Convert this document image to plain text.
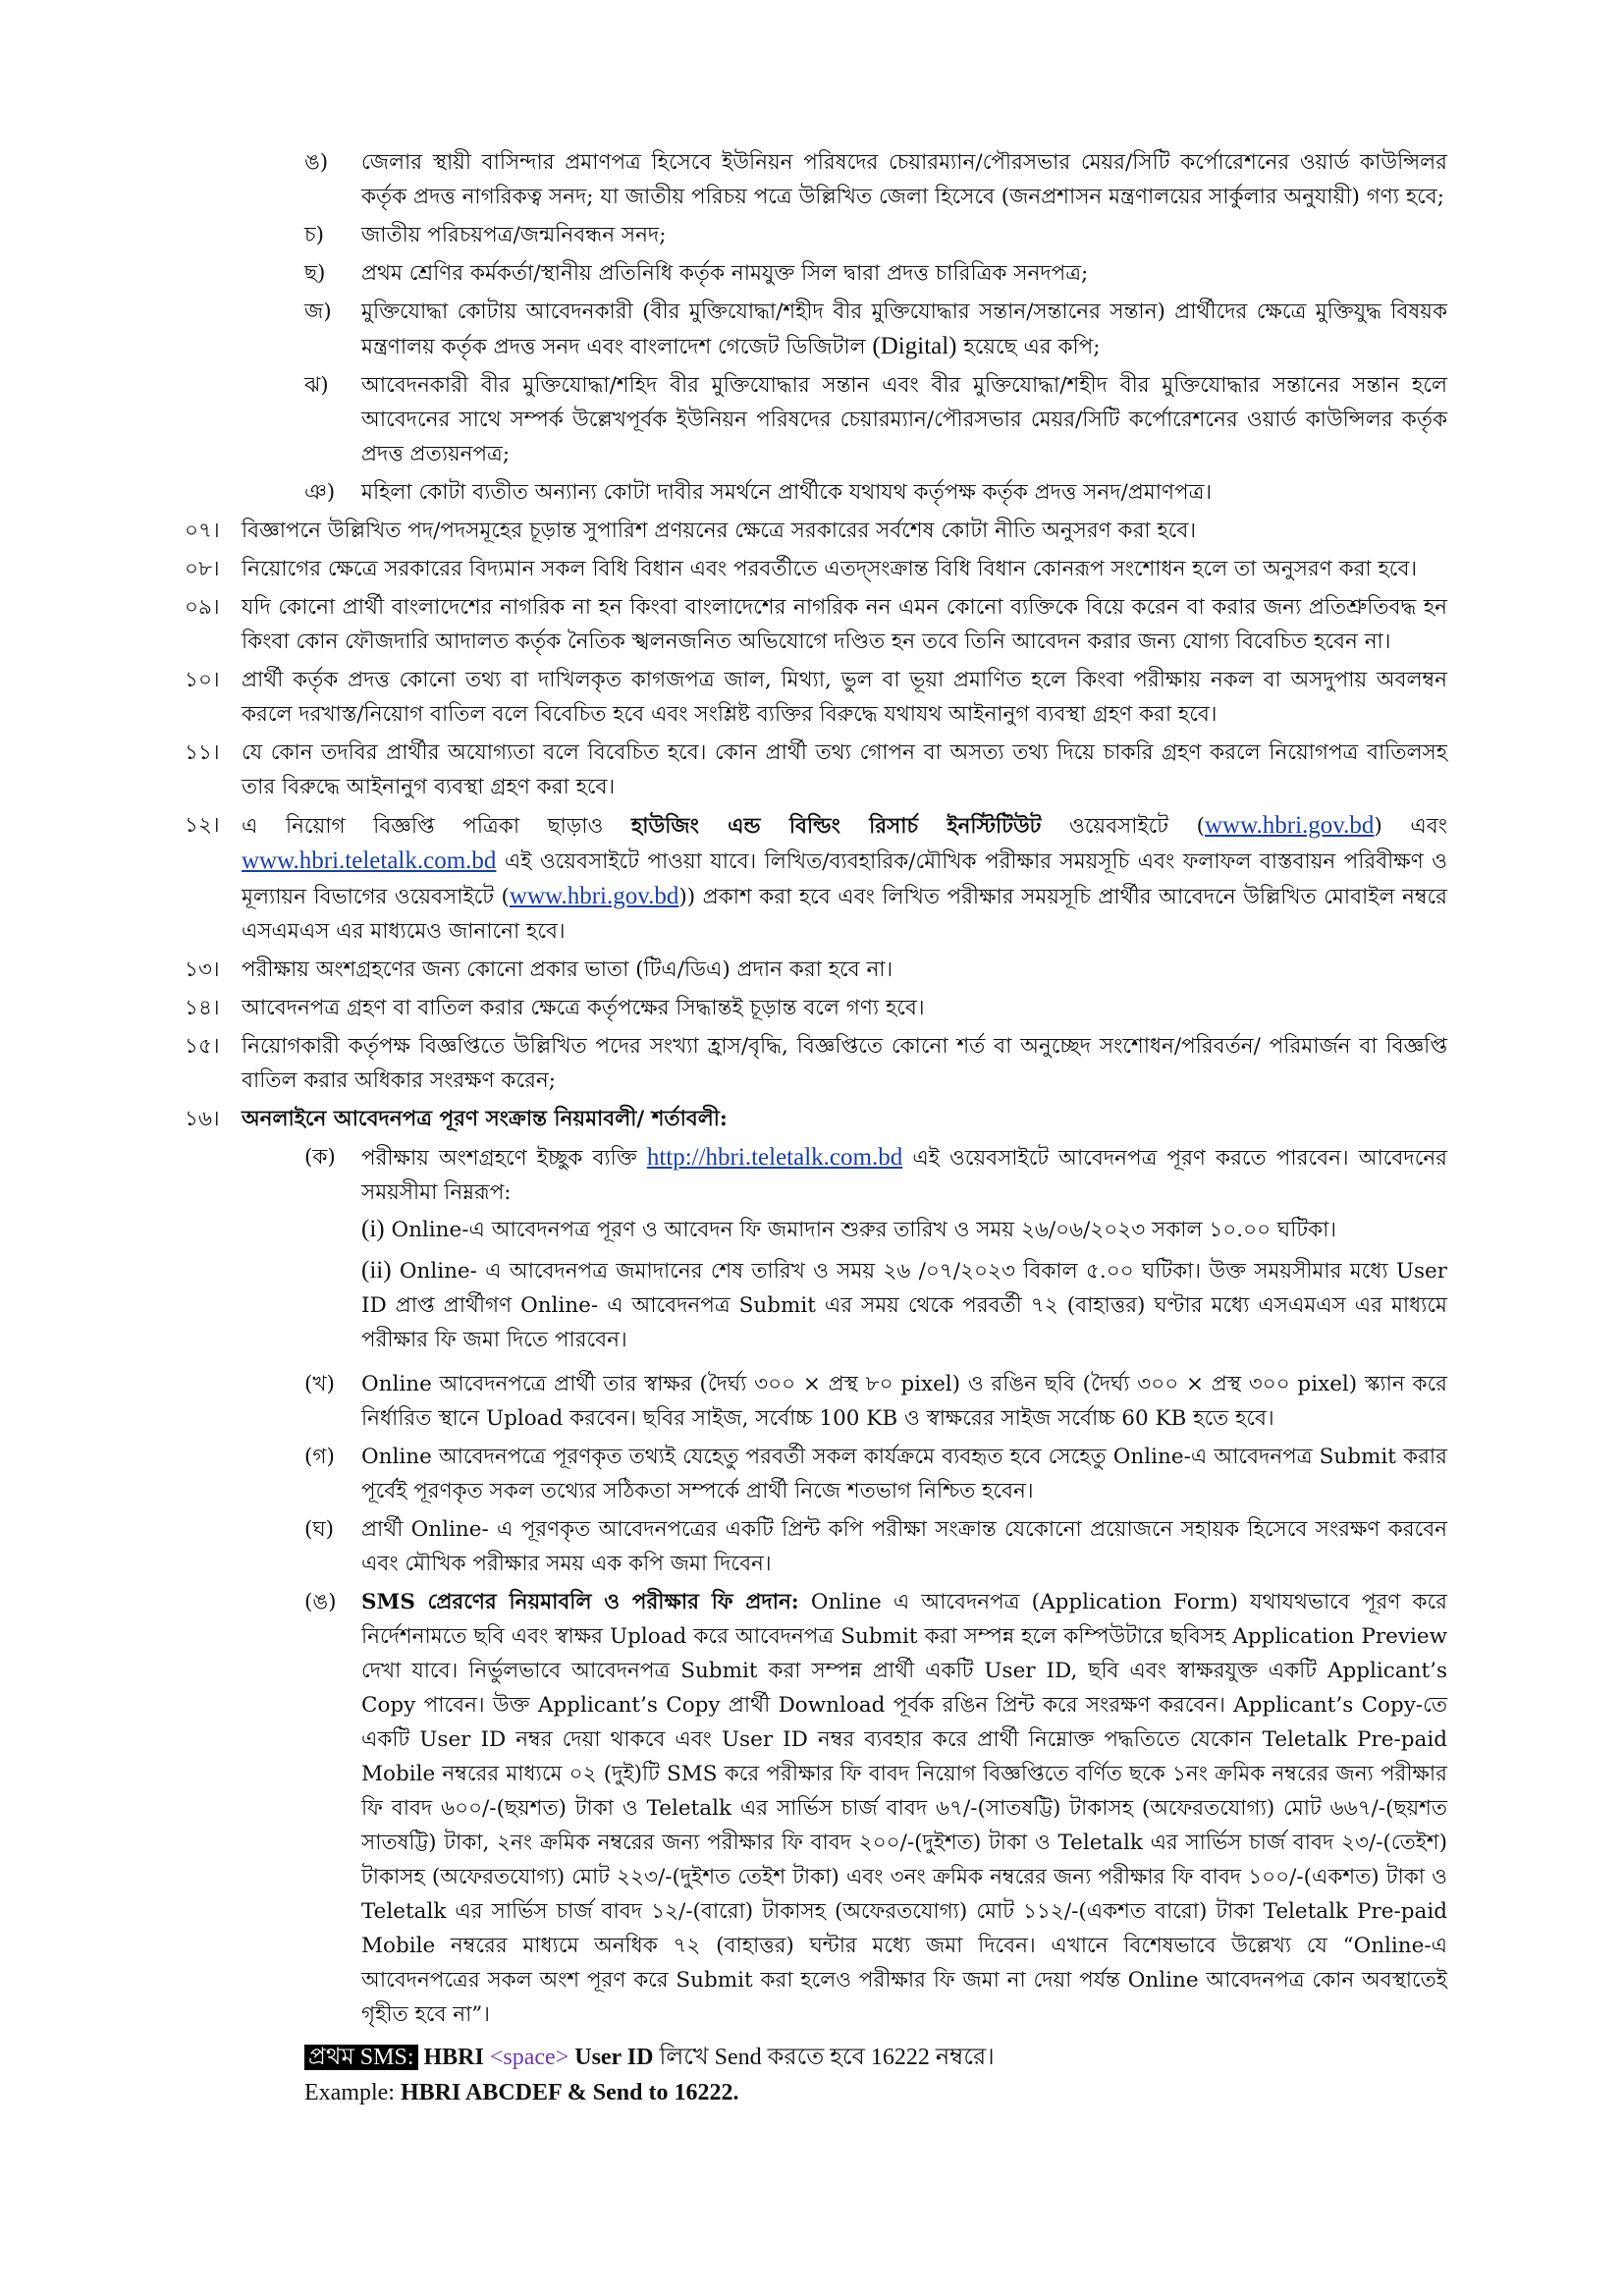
ঙ)	জেলার স্থায়ী বাসিন্দার প্রমাণপত্র হিসেবে ইউনিয়ন পরিষদের চেয়ারম্যান/পৌরসভার মেয়র/সিটি কর্পোরেশনের ওয়ার্ড কাউন্সিলর কর্তৃক প্রদত্ত নাগরিকত্ব সনদ; যা জাতীয় পরিচয় পত্রে উল্লিখিত জেলা হিসেবে (জনপ্রশাসন মন্ত্রণালয়ের সার্কুলার অনুযায়ী) গণ্য হবে;
চ)	জাতীয় পরিচয়পত্র/জন্মনিবন্ধন সনদ;
ছ)	প্রথম শ্রেণির কর্মকর্তা/স্থানীয় প্রতিনিধি কর্তৃক নামযুক্ত সিল দ্বারা প্রদত্ত চারিত্রিক সনদপত্র;
জ)	মুক্তিযোদ্ধা কোটায় আবেদনকারী (বীর মুক্তিযোদ্ধা/শহীদ বীর মুক্তিযোদ্ধার সন্তান/সন্তানের সন্তান) প্রার্থীদের ক্ষেত্রে মুক্তিযুদ্ধ বিষয়ক মন্ত্রণালয় কর্তৃক প্রদত্ত সনদ এবং বাংলাদেশ গেজেট ডিজিটাল (Digital) হয়েছে এর কপি;
ঝ)	আবেদনকারী বীর মুক্তিযোদ্ধা/শহিদ বীর মুক্তিযোদ্ধার সন্তান এবং বীর মুক্তিযোদ্ধা/শহীদ বীর মুক্তিযোদ্ধার সন্তানের সন্তান হলে আবেদনের সাথে সম্পর্ক উল্লেখপূর্বক ইউনিয়ন পরিষদের চেয়ারম্যান/পৌরসভার মেয়র/সিটি কর্পোরেশনের ওয়ার্ড কাউন্সিলর কর্তৃক প্রদত্ত প্রত্যয়নপত্র;
ঞ)	মহিলা কোটা ব্যতীত অন্যান্য কোটা দাবীর সমর্থনে প্রার্থীকে যথাযথ কর্তৃপক্ষ কর্তৃক প্রদত্ত সনদ/প্রমাণপত্র।
০৭।	বিজ্ঞাপনে উল্লিখিত পদ/পদসমূহের চূড়ান্ত সুপারিশ প্রণয়নের ক্ষেত্রে সরকারের সর্বশেষ কোটা নীতি অনুসরণ করা হবে।
০৮।	নিয়োগের ক্ষেত্রে সরকারের বিদ্যমান সকল বিধি বিধান এবং পরবর্তীতে এতদ্‌সংক্রান্ত বিধি বিধান কোনরূপ সংশোধন হলে তা অনুসরণ করা হবে।
০৯।	যদি কোনো প্রার্থী বাংলাদেশের নাগরিক না হন কিংবা বাংলাদেশের নাগরিক নন এমন কোনো ব্যক্তিকে বিয়ে করেন বা করার জন্য প্রতিশ্রুতিবদ্ধ হন কিংবা কোন ফৌজদারি আদালত কর্তৃক নৈতিক স্খলনজনিত অভিযোগে দণ্ডিত হন তবে তিনি আবেদন করার জন্য যোগ্য বিবেচিত হবেন না।
১০।	প্রার্থী কর্তৃক প্রদত্ত কোনো তথ্য বা দাখিলকৃত কাগজপত্র জাল, মিথ্যা, ভুল বা ভূয়া প্রমাণিত হলে কিংবা পরীক্ষায় নকল বা অসদুপায় অবলম্বন করলে দরখাস্ত/নিয়োগ বাতিল বলে বিবেচিত হবে এবং সংশ্লিষ্ট ব্যক্তির বিরুদ্ধে যথাযথ আইনানুগ ব্যবস্থা গ্রহণ করা হবে।
১১।	যে কোন তদবির প্রার্থীর অযোগ্যতা বলে বিবেচিত হবে। কোন প্রার্থী তথ্য গোপন বা অসত্য তথ্য দিয়ে চাকরি গ্রহণ করলে নিয়োগপত্র বাতিলসহ তার বিরুদ্ধে আইনানুগ ব্যবস্থা গ্রহণ করা হবে।
১২।	এ নিয়োগ বিজ্ঞপ্তি পত্রিকা ছাড়াও হাউজিং এন্ড বিল্ডিং রিসার্চ ইনস্টিটিউট ওয়েবসাইটে (www.hbri.gov.bd) এবং www.hbri.teletalk.com.bd এই ওয়েবসাইটে পাওয়া যাবে। লিখিত/ব্যবহারিক/মৌখিক পরীক্ষার সময়সূচি এবং ফলাফল বাস্তবায়ন পরিবীক্ষণ ও মূল্যায়ন বিভাগের ওয়েবসাইটে (www.hbri.gov.bd)) প্রকাশ করা হবে এবং লিখিত পরীক্ষার সময়সূচি প্রার্থীর আবেদনে উল্লিখিত মোবাইল নম্বরে এসএমএস এর মাধ্যমেও জানানো হবে।
১৩।	পরীক্ষায় অংশগ্রহণের জন্য কোনো প্রকার ভাতা (টিএ/ডিএ) প্রদান করা হবে না।
১৪।	আবেদনপত্র গ্রহণ বা বাতিল করার ক্ষেত্রে কর্তৃপক্ষের সিদ্ধান্তই চূড়ান্ত বলে গণ্য হবে।
১৫।	নিয়োগকারী কর্তৃপক্ষ বিজ্ঞপ্তিতে উল্লিখিত পদের সংখ্যা হ্রাস/বৃদ্ধি, বিজ্ঞপ্তিতে কোনো শর্ত বা অনুচ্ছেদ সংশোধন/পরিবর্তন/ পরিমার্জন বা বিজ্ঞপ্তি বাতিল করার অধিকার সংরক্ষণ করেন;
১৬।	অনলাইনে আবেদনপত্র পূরণ সংক্রান্ত নিয়মাবলী/ শর্তাবলী:
(ক)	পরীক্ষায় অংশগ্রহণে ইচ্ছুক ব্যক্তি http://hbri.teletalk.com.bd এই ওয়েবসাইটে আবেদনপত্র পূরণ করতে পারবেন। আবেদনের সময়সীমা নিম্নরূপ:
(i) Online-এ আবেদনপত্র পূরণ ও আবেদন ফি জমাদান শুরুর তারিখ ও সময় ২৬/০৬/২০২৩ সকাল ১০.০০ ঘটিকা।
(ii) Online- এ আবেদনপত্র জমাদানের শেষ তারিখ ও সময় ২৬ /০৭/২০২৩ বিকাল ৫.০০ ঘটিকা। উক্ত সময়সীমার মধ্যে User ID প্রাপ্ত প্রার্থীগণ Online- এ আবেদনপত্র Submit এর সময় থেকে পরবর্তী ৭২ (বাহাত্তর) ঘণ্টার মধ্যে এসএমএস এর মাধ্যমে পরীক্ষার ফি জমা দিতে পারবেন।
(খ)	Online আবেদনপত্রে প্রার্থী তার স্বাক্ষর (দৈর্ঘ্য ৩০০ × প্রস্থ ৮০ pixel) ও রঙিন ছবি (দৈর্ঘ্য ৩০০ × প্রস্থ ৩০০ pixel) স্ক্যান করে নির্ধারিত স্থানে Upload করবেন। ছবির সাইজ, সর্বোচ্চ 100 KB ও স্বাক্ষরের সাইজ সর্বোচ্চ 60 KB হতে হবে।
(গ)	Online আবেদনপত্রে পূরণকৃত তথ্যই যেহেতু পরবর্তী সকল কার্যক্রমে ব্যবহৃত হবে সেহেতু Online-এ আবেদনপত্র Submit করার পূর্বেই পূরণকৃত সকল তথ্যের সঠিকতা সম্পর্কে প্রার্থী নিজে শতভাগ নিশ্চিত হবেন।
(ঘ)	প্রার্থী Online- এ পূরণকৃত আবেদনপত্রের একটি প্রিন্ট কপি পরীক্ষা সংক্রান্ত যেকোনো প্রয়োজনে সহায়ক হিসেবে সংরক্ষণ করবেন এবং মৌখিক পরীক্ষার সময় এক কপি জমা দিবেন।
(ঙ)	SMS প্রেরণের নিয়মাবলি ও পরীক্ষার ফি প্রদান: Online এ আবেদনপত্র (Application Form) যথাযথভাবে পূরণ করে নির্দেশনামতে ছবি এবং স্বাক্ষর Upload করে আবেদনপত্র Submit করা সম্পন্ন হলে কম্পিউটারে ছবিসহ Application Preview দেখা যাবে। নির্ভুলভাবে আবেদনপত্র Submit করা সম্পন্ন প্রার্থী একটি User ID, ছবি এবং স্বাক্ষরযুক্ত একটি Applicant’s Copy পাবেন। উক্ত Applicant’s Copy প্রার্থী Download পূর্বক রঙিন প্রিন্ট করে সংরক্ষণ করবেন। Applicant’s Copy-তে একটি User ID নম্বর দেয়া থাকবে এবং User ID নম্বর ব্যবহার করে প্রার্থী নিম্নোক্ত পদ্ধতিতে যেকোন Teletalk Pre-paid Mobile নম্বরের মাধ্যমে ০২ (দুই)টি SMS করে পরীক্ষার ফি বাবদ নিয়োগ বিজ্ঞপ্তিতে বর্ণিত ছকে ১নং ক্রমিক নম্বরের জন্য পরীক্ষার ফি বাবদ ৬০০/-(ছয়শত) টাকা ও Teletalk এর সার্ভিস চার্জ বাবদ ৬৭/-(সাতষট্টি) টাকাসহ (অফেরতযোগ্য) মোট ৬৬৭/-(ছয়শত সাতষট্টি) টাকা, ২নং ক্রমিক নম্বরের জন্য পরীক্ষার ফি বাবদ ২০০/-(দুইশত) টাকা ও Teletalk এর সার্ভিস চার্জ বাবদ ২৩/-(তেইশ) টাকাসহ (অফেরতযোগ্য) মোট ২২৩/-(দুইশত তেইশ টাকা) এবং ৩নং ক্রমিক নম্বরের জন্য পরীক্ষার ফি বাবদ ১০০/-(একশত) টাকা ও Teletalk এর সার্ভিস চার্জ বাবদ ১২/-(বারো) টাকাসহ (অফেরতযোগ্য) মোট ১১২/-(একশত বারো) টাকা Teletalk Pre-paid Mobile নম্বরের মাধ্যমে অনধিক ৭২ (বাহাত্তর) ঘন্টার মধ্যে জমা দিবেন। এখানে বিশেষভাবে উল্লেখ্য যে “Online-এ আবেদনপত্রের সকল অংশ পূরণ করে Submit করা হলেও পরীক্ষার ফি জমা না দেয়া পর্যন্ত Online আবেদনপত্র কোন অবস্থাতেই গৃহীত হবে না”।
প্রথম SMS: HBRI <space> User ID লিখে Send করতে হবে 16222 নম্বরে।
Example: HBRI ABCDEF & Send to 16222.
